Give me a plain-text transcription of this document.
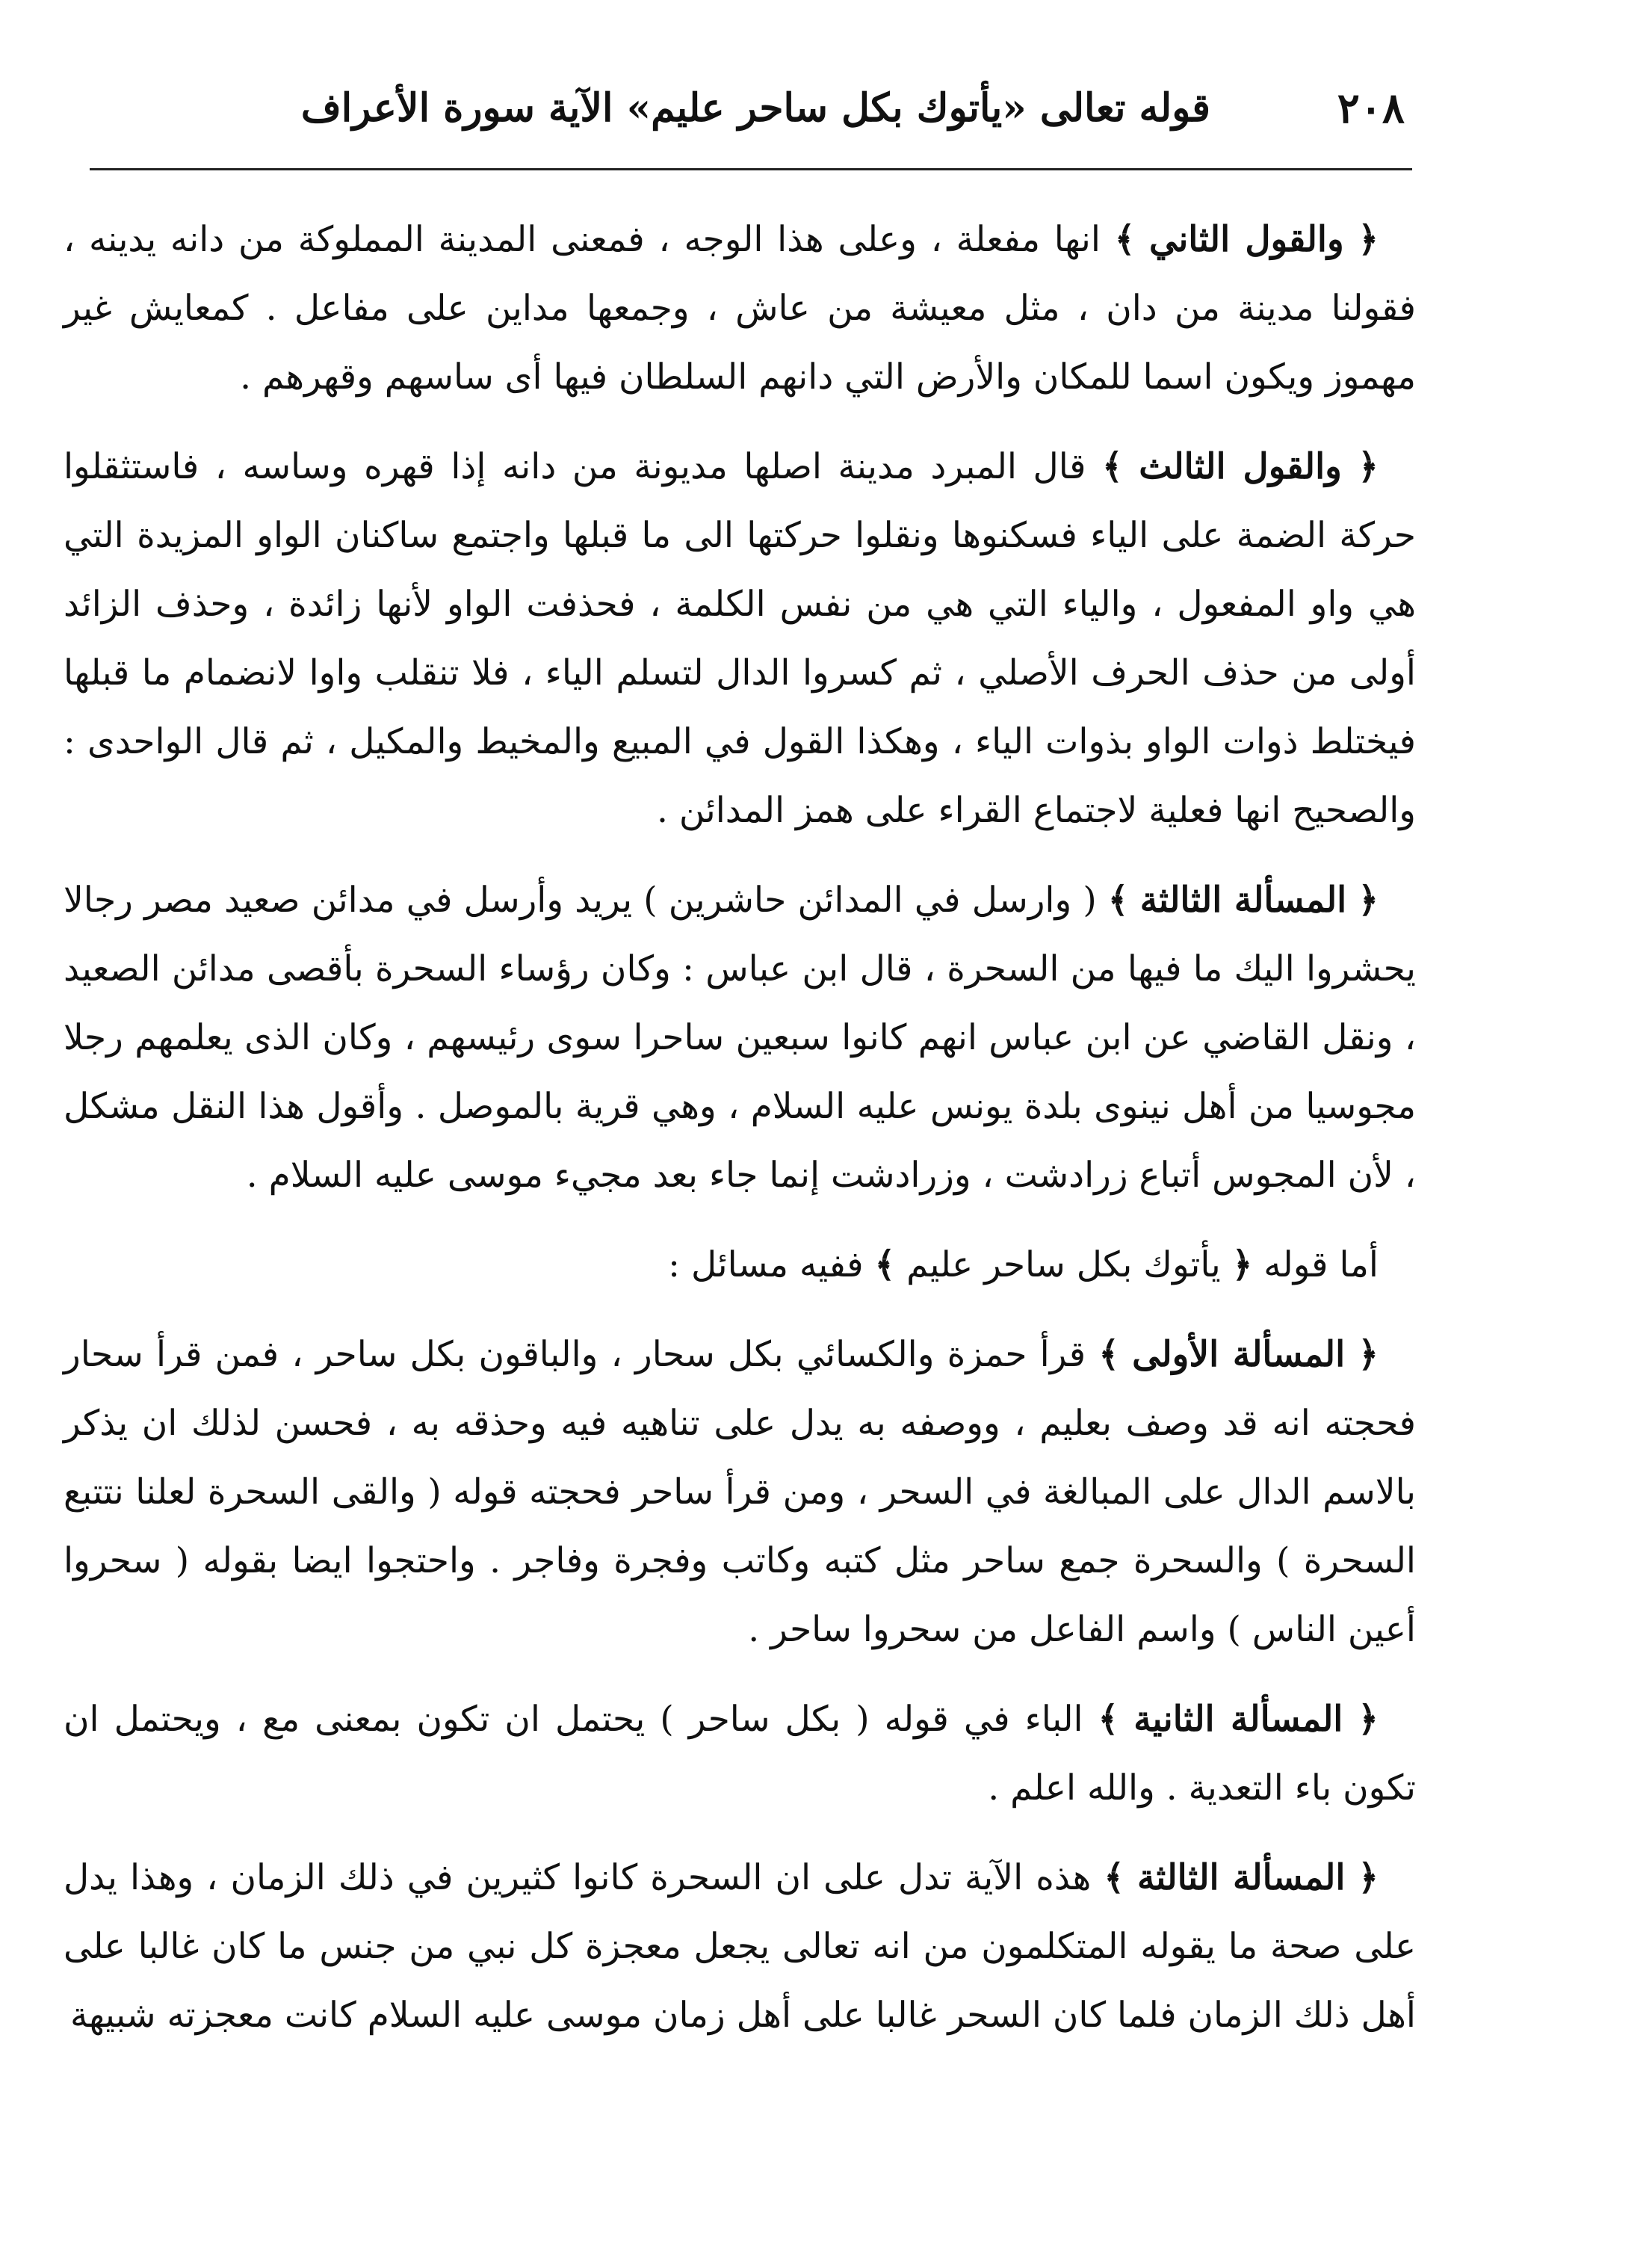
٢٠٨
قوله تعالى «يأتوك بكل ساحر عليم» الآية سورة الأعراف

﴿ والقول الثاني ﴾ انها مفعلة ، وعلى هذا الوجه ، فمعنى المدينة المملوكة من دانه يدينه ، فقولنا مدينة من دان ، مثل معيشة من عاش ، وجمعها مداين على مفاعل . كمعايش غير مهموز ويكون اسما للمكان والأرض التي دانهم السلطان فيها أى ساسهم وقهرهم .

﴿ والقول الثالث ﴾ قال المبرد مدينة اصلها مديونة من دانه إذا قهره وساسه ، فاستثقلوا حركة الضمة على الياء فسكنوها ونقلوا حركتها الى ما قبلها واجتمع ساكنان الواو المزيدة التي هي واو المفعول ، والياء التي هي من نفس الكلمة ، فحذفت الواو لأنها زائدة ، وحذف الزائد أولى من حذف الحرف الأصلي ، ثم كسروا الدال لتسلم الياء ، فلا تنقلب واوا لانضمام ما قبلها فيختلط ذوات الواو بذوات الياء ، وهكذا القول في المبيع والمخيط والمكيل ، ثم قال الواحدى : والصحيح انها فعلية لاجتماع القراء على همز المدائن .

﴿ المسألة الثالثة ﴾ ( وارسل في المدائن حاشرين ) يريد وأرسل في مدائن صعيد مصر رجالا يحشروا اليك ما فيها من السحرة ، قال ابن عباس : وكان رؤساء السحرة بأقصى مدائن الصعيد ، ونقل القاضي عن ابن عباس انهم كانوا سبعين ساحرا سوى رئيسهم ، وكان الذى يعلمهم رجلا مجوسيا من أهل نينوى بلدة يونس عليه السلام ، وهي قرية بالموصل . وأقول هذا النقل مشكل ، لأن المجوس أتباع زرادشت ، وزرادشت إنما جاء بعد مجيء موسى عليه السلام .

أما قوله ﴿ يأتوك بكل ساحر عليم ﴾ ففيه مسائل :

﴿ المسألة الأولى ﴾ قرأ حمزة والكسائي بكل سحار ، والباقون بكل ساحر ، فمن قرأ سحار فحجته انه قد وصف بعليم ، ووصفه به يدل على تناهيه فيه وحذقه به ، فحسن لذلك ان يذكر بالاسم الدال على المبالغة في السحر ، ومن قرأ ساحر فحجته قوله ( والقى السحرة لعلنا نتتبع السحرة ) والسحرة جمع ساحر مثل كتبه وكاتب وفجرة وفاجر . واحتجوا ايضا بقوله ( سحروا أعين الناس ) واسم الفاعل من سحروا ساحر .

﴿ المسألة الثانية ﴾ الباء في قوله ( بكل ساحر ) يحتمل ان تكون بمعنى مع ، ويحتمل ان تكون باء التعدية . والله اعلم .

﴿ المسألة الثالثة ﴾ هذه الآية تدل على ان السحرة كانوا كثيرين في ذلك الزمان ، وهذا يدل على صحة ما يقوله المتكلمون من انه تعالى يجعل معجزة كل نبي من جنس ما كان غالبا على أهل ذلك الزمان فلما كان السحر غالبا على أهل زمان موسى عليه السلام كانت معجزته شبيهة
